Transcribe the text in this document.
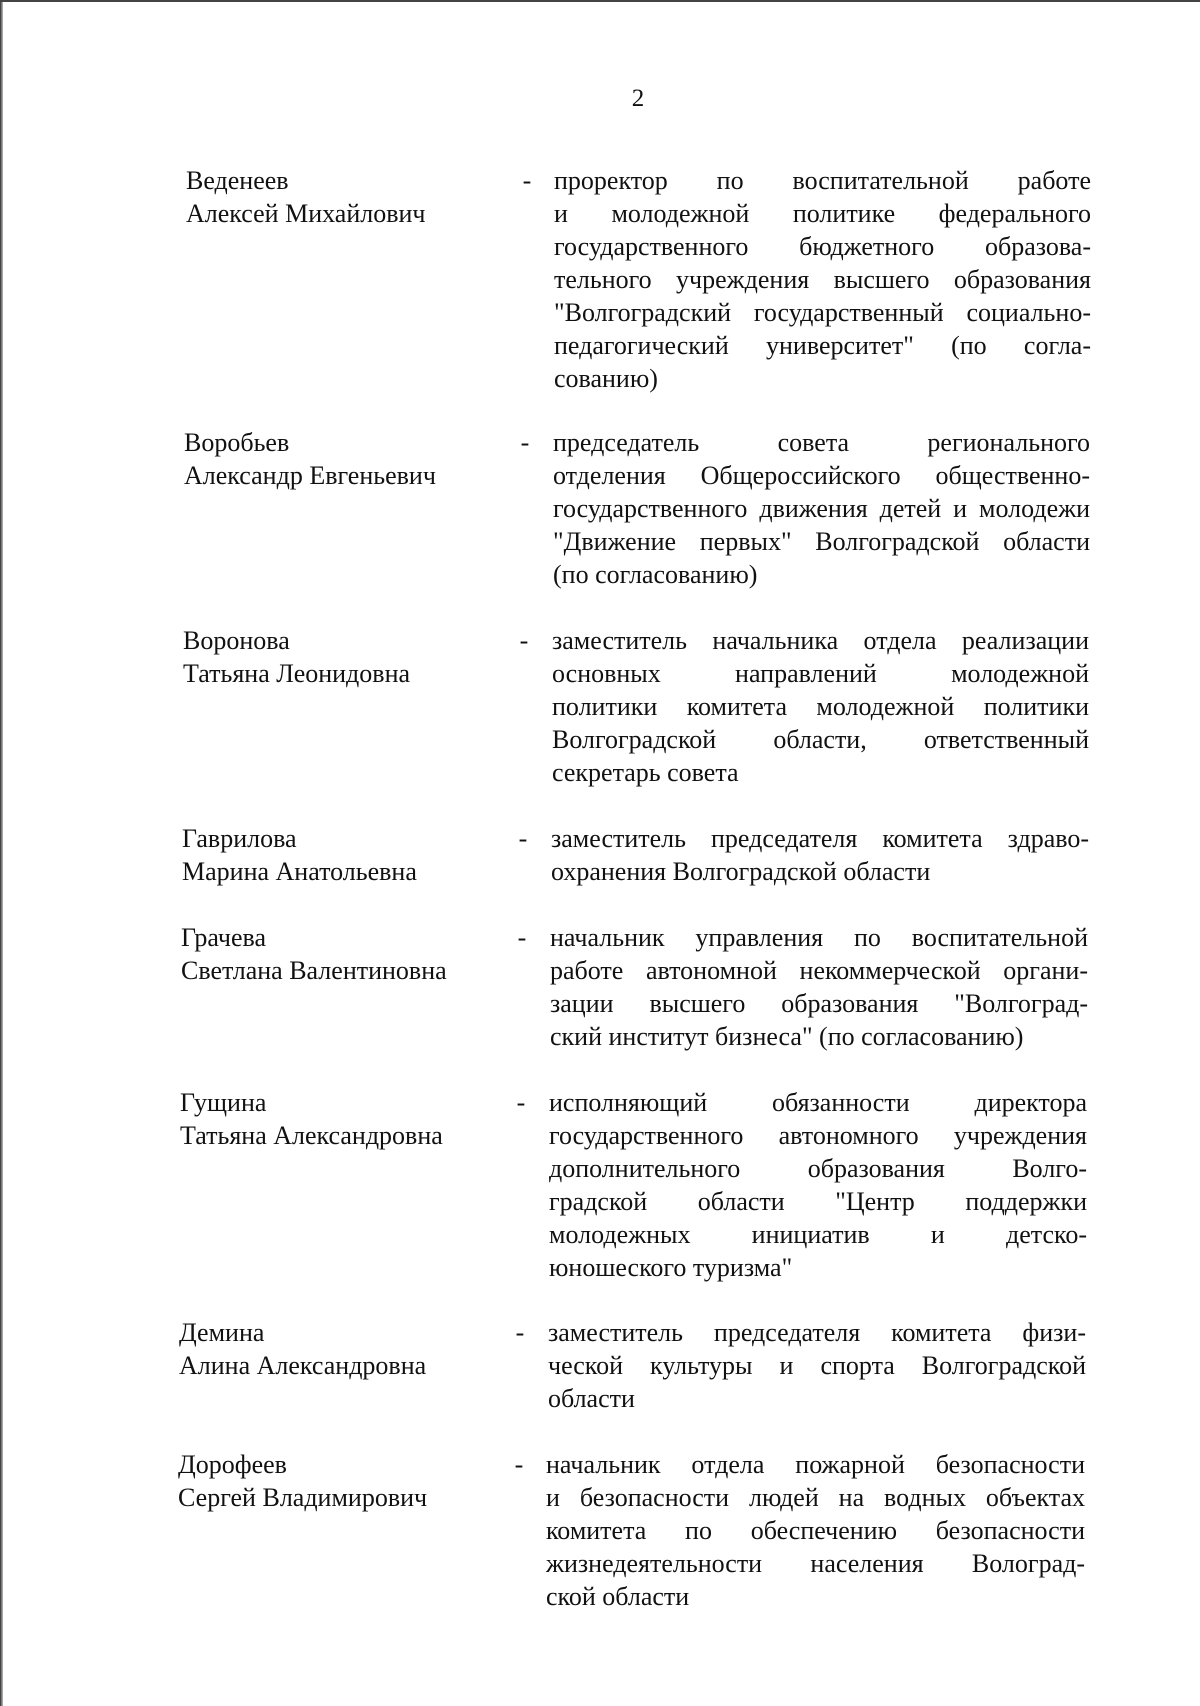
2
Веденеев
Алексей Михайлович
- проректор по воспитательной работе
и молодежной политике федерального
государственного бюджетного образова-
тельного учреждения высшего образования
"Волгоградский государственный социально-
педагогический университет" (по согла-
сованию)
Воробьев
Александр Евгеньевич
- председатель совета регионального
отделения Общероссийского общественно-
государственного движения детей и молодежи
"Движение первых" Волгоградской области
(по согласованию)
Воронова
Татьяна Леонидовна
- заместитель начальника отдела реализации
основных направлений молодежной
политики комитета молодежной политики
Волгоградской области, ответственный
секретарь совета
Гаврилова
Марина Анатольевна
- заместитель председателя комитета здраво-
охранения Волгоградской области
Грачева
Светлана Валентиновна
- начальник управления по воспитательной
работе автономной некоммерческой органи-
зации высшего образования "Волгоград-
ский институт бизнеса" (по согласованию)
Гущина
Татьяна Александровна
- исполняющий обязанности директора
государственного автономного учреждения
дополнительного образования Волго-
градской области "Центр поддержки
молодежных инициатив и детско-
юношеского туризма"
Демина
Алина Александровна
- заместитель председателя комитета физи-
ческой культуры и спорта Волгоградской
области
Дорофеев
Сергей Владимирович
- начальник отдела пожарной безопасности
и безопасности людей на водных объектах
комитета по обеспечению безопасности
жизнедеятельности населения Волоград-
ской области
